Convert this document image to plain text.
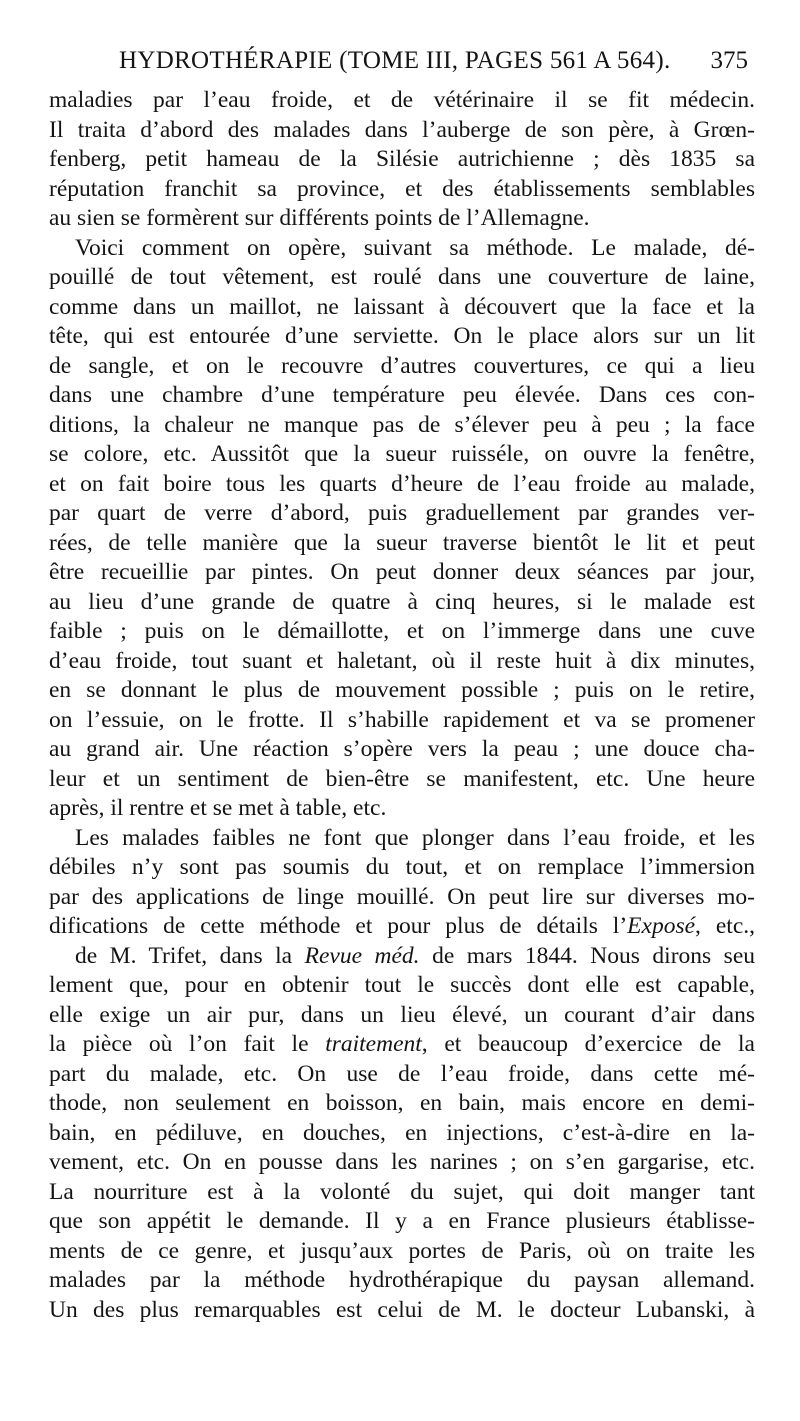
HYDROTHÉRAPIE (TOME III, PAGES 561 A 564). 375
maladies par l’eau froide, et de vétérinaire il se fit médecin.
Il traita d’abord des malades dans l’auberge de son père, à Grœn-
fenberg, petit hameau de la Silésie autrichienne ; dès 1835 sa
réputation franchit sa province, et des établissements semblables
au sien se formèrent sur différents points de l’Allemagne.
Voici comment on opère, suivant sa méthode. Le malade, dé-
pouillé de tout vêtement, est roulé dans une couverture de laine,
comme dans un maillot, ne laissant à découvert que la face et la
tête, qui est entourée d’une serviette. On le place alors sur un lit
de sangle, et on le recouvre d’autres couvertures, ce qui a lieu
dans une chambre d’une température peu élevée. Dans ces con-
ditions, la chaleur ne manque pas de s’élever peu à peu ; la face
se colore, etc. Aussitôt que la sueur ruisséle, on ouvre la fenêtre,
et on fait boire tous les quarts d’heure de l’eau froide au malade,
par quart de verre d’abord, puis graduellement par grandes ver-
rées, de telle manière que la sueur traverse bientôt le lit et peut
être recueillie par pintes. On peut donner deux séances par jour,
au lieu d’une grande de quatre à cinq heures, si le malade est
faible ; puis on le démaillotte, et on l’immerge dans une cuve
d’eau froide, tout suant et haletant, où il reste huit à dix minutes,
en se donnant le plus de mouvement possible ; puis on le retire,
on l’essuie, on le frotte. Il s’habille rapidement et va se promener
au grand air. Une réaction s’opère vers la peau ; une douce cha-
leur et un sentiment de bien-être se manifestent, etc. Une heure
après, il rentre et se met à table, etc.
Les malades faibles ne font que plonger dans l’eau froide, et les
débiles n’y sont pas soumis du tout, et on remplace l’immersion
par des applications de linge mouillé. On peut lire sur diverses mo-
difications de cette méthode et pour plus de détails l’Exposé, etc.,
de M. Trifet, dans la Revue méd. de mars 1844. Nous dirons seu
lement que, pour en obtenir tout le succès dont elle est capable,
elle exige un air pur, dans un lieu élevé, un courant d’air dans
la pièce où l’on fait le traitement, et beaucoup d’exercice de la
part du malade, etc. On use de l’eau froide, dans cette mé-
thode, non seulement en boisson, en bain, mais encore en demi-
bain, en pédiluve, en douches, en injections, c’est-à-dire en la-
vement, etc. On en pousse dans les narines ; on s’en gargarise, etc.
La nourriture est à la volonté du sujet, qui doit manger tant
que son appétit le demande. Il y a en France plusieurs établisse-
ments de ce genre, et jusqu’aux portes de Paris, où on traite les
malades par la méthode hydrothérapique du paysan allemand.
Un des plus remarquables est celui de M. le docteur Lubanski, à
